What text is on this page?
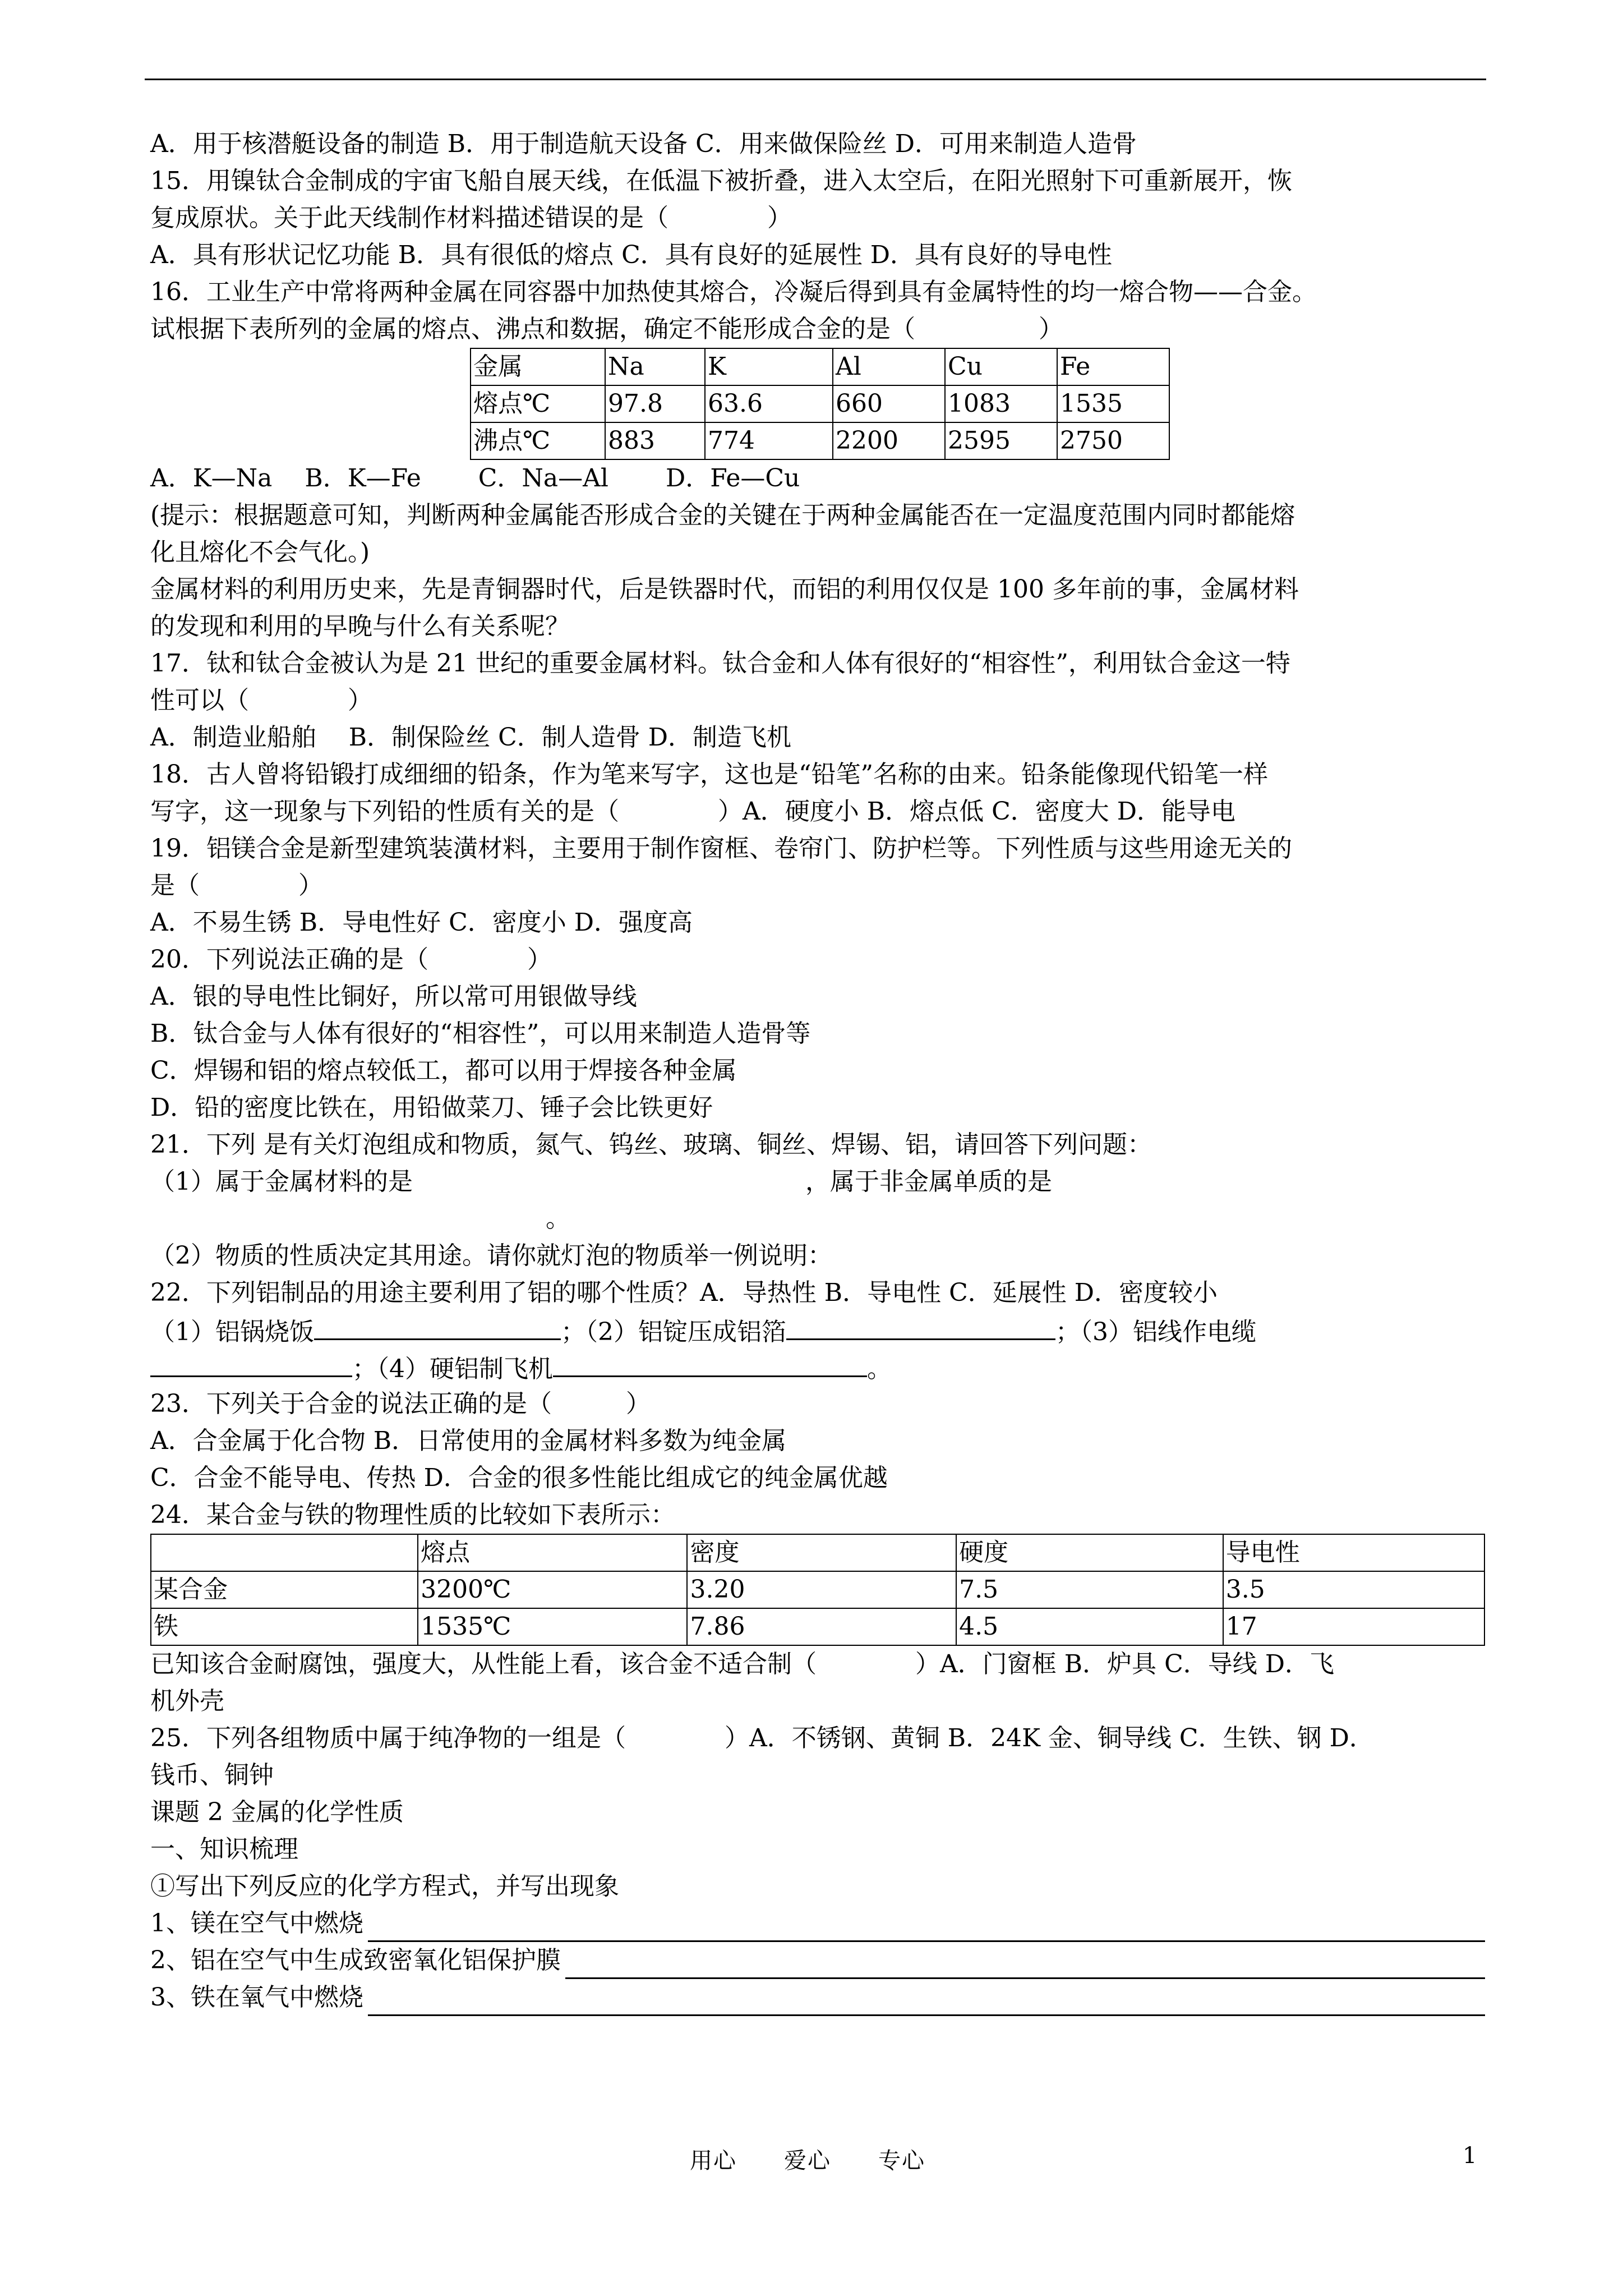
A．用于核潜艇设备的制造 B．用于制造航天设备 C．用来做保险丝 D．可用来制造人造骨
15．用镍钛合金制成的宇宙飞船自展天线，在低温下被折叠，进入太空后，在阳光照射下可重新展开，恢
复成原状。关于此天线制作材料描述错误的是（　　　　）
A．具有形状记忆功能 B．具有很低的熔点 C．具有良好的延展性 D．具有良好的导电性
16．工业生产中常将两种金属在同容器中加热使其熔合，冷凝后得到具有金属特性的均一熔合物——合金。
试根据下表所列的金属的熔点、沸点和数据，确定不能形成合金的是（　　　　　）
金属	Na	K	Al	Cu	Fe
熔点℃	97.8	63.6	660	1083	1535
沸点℃	883	774	2200	2595	2750
A．K—Na　 B．K—Fe　　 C．Na—Al　　 D．Fe—Cu
(提示：根据题意可知，判断两种金属能否形成合金的关键在于两种金属能否在一定温度范围内同时都能熔
化且熔化不会气化。)
金属材料的利用历史来，先是青铜器时代，后是铁器时代，而铝的利用仅仅是 100 多年前的事，金属材料
的发现和利用的早晚与什么有关系呢？
17．钛和钛合金被认为是 21 世纪的重要金属材料。钛合金和人体有很好的“相容性”，利用钛合金这一特
性可以（　　　　）
A．制造业船舶　 B．制保险丝 C．制人造骨 D．制造飞机
18．古人曾将铅锻打成细细的铅条，作为笔来写字，这也是“铅笔”名称的由来。铅条能像现代铅笔一样
写字，这一现象与下列铅的性质有关的是（　　　　）A．硬度小 B．熔点低 C．密度大 D．能导电
19．铝镁合金是新型建筑装潢材料，主要用于制作窗框、卷帘门、防护栏等。下列性质与这些用途无关的
是（　　　　）
A．不易生锈 B．导电性好 C．密度小 D．强度高
20．下列说法正确的是（　　　　）
A．银的导电性比铜好，所以常可用银做导线
B．钛合金与人体有很好的“相容性”，可以用来制造人造骨等
C．焊锡和铝的熔点较低工，都可以用于焊接各种金属
D．铅的密度比铁在，用铅做菜刀、锤子会比铁更好
21．下列 是有关灯泡组成和物质，氮气、钨丝、玻璃、铜丝、焊锡、铝，请回答下列问题：
（1）属于金属材料的是	，属于非金属单质的是
。
（2）物质的性质决定其用途。请你就灯泡的物质举一例说明：
22．下列铝制品的用途主要利用了铝的哪个性质？A．导热性 B．导电性 C．延展性 D．密度较小
（1）铝锅烧饭	；（2）铝锭压成铝箔	；（3）铝线作电缆
；（4）硬铝制飞机	。
23．下列关于合金的说法正确的是（　　　）
A．合金属于化合物 B．日常使用的金属材料多数为纯金属
C．合金不能导电、传热 D．合金的很多性能比组成它的纯金属优越
24．某合金与铁的物理性质的比较如下表所示：
	熔点	密度	硬度	导电性
某合金	3200℃	3.20	7.5	3.5
铁	1535℃	7.86	4.5	17
已知该合金耐腐蚀，强度大，从性能上看，该合金不适合制（　　　　）A．门窗框 B．炉具 C．导线 D．飞
机外壳
25．下列各组物质中属于纯净物的一组是（　　　　）A．不锈钢、黄铜 B．24K 金、铜导线 C．生铁、钢 D．
钱币、铜钟
课题 2 金属的化学性质
一、知识梳理
①写出下列反应的化学方程式，并写出现象
1、镁在空气中燃烧
2、铝在空气中生成致密氧化铝保护膜
3、铁在氧气中燃烧
用心　　爱心　　专心	1
